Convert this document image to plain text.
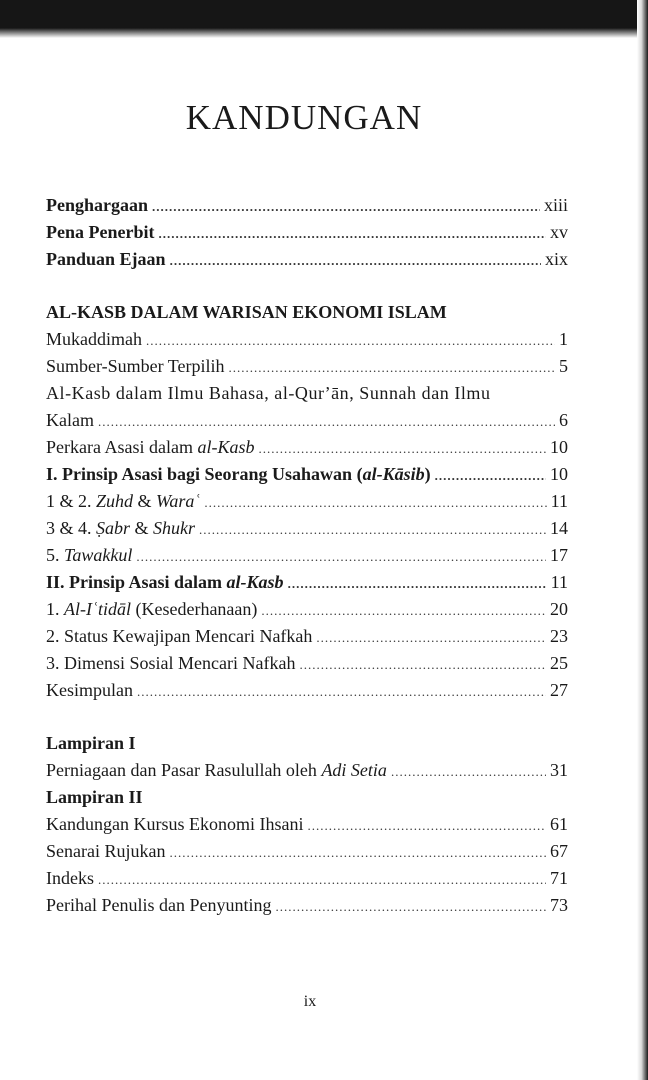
KANDUNGAN
Penghargaan .....	xiii
Pena Penerbit .....	xv
Panduan Ejaan .....	xix
AL-KASB DALAM WARISAN EKONOMI ISLAM
Mukaddimah .....	1
Sumber-Sumber Terpilih .....	5
Al-Kasb dalam Ilmu Bahasa, al-Qurʼān, Sunnah dan Ilmu
Kalam .....	6
Perkara Asasi dalam al-Kasb .....	10
I. Prinsip Asasi bagi Seorang Usahawan (al-Kāsib) .....	10
1 & 2. Zuhd & Waraʿ .....	11
3 & 4. Ṣabr & Shukr .....	14
5. Tawakkul .....	17
II. Prinsip Asasi dalam al-Kasb .....	11
1. Al-Iʿtidāl (Kesederhanaan) .....	20
2. Status Kewajipan Mencari Nafkah .....	23
3. Dimensi Sosial Mencari Nafkah .....	25
Kesimpulan .....	27
Lampiran I
Perniagaan dan Pasar Rasulullah oleh Adi Setia .....	31
Lampiran II
Kandungan Kursus Ekonomi Ihsani .....	61
Senarai Rujukan .....	67
Indeks .....	71
Perihal Penulis dan Penyunting .....	73
ix
